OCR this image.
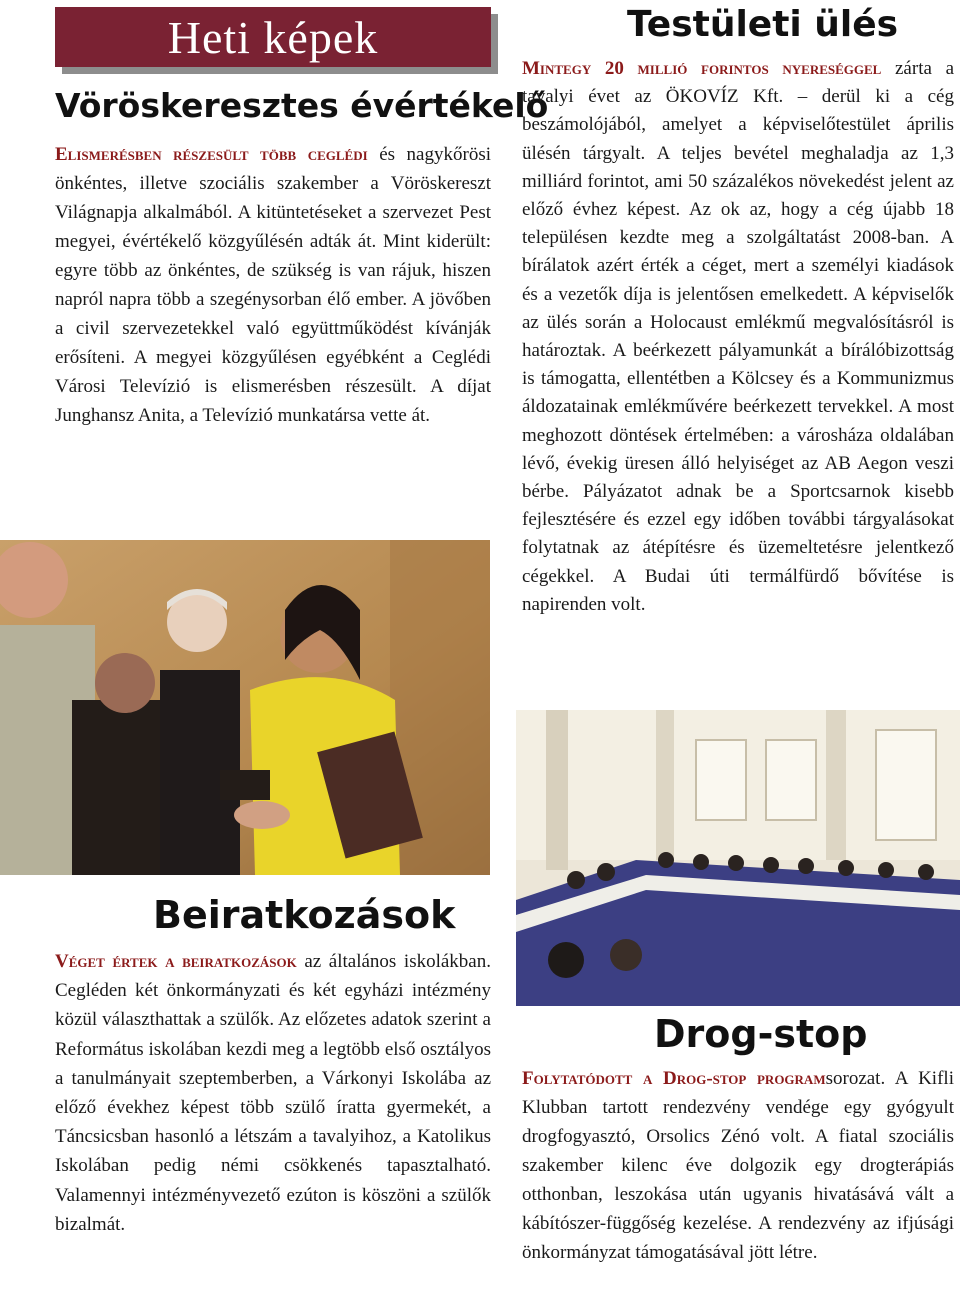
Heti képek
Vöröskeresztes évértékelő

Elismerésben részesült több ceglédi és nagykőrösi önkéntes, illetve szociális szakember a Vöröskereszt Világnapja alkalmából. A kitüntetéseket a szervezet Pest megyei, évértékelő közgyűlésén adták át. Mint kiderült: egyre több az önkéntes, de szükség is van rájuk, hiszen napról napra több a szegénysorban élő ember. A jövőben a civil szervezetekkel való együttműködést kívánják erősíteni. A megyei közgyűlésen egyébként a Ceglédi Városi Televízió is elismerésben részesült. A díjat Junghansz Anita, a Televízió munkatársa vette át.

Testületi ülés

Mintegy 20 millió forintos nyereséggel zárta a tavalyi évet az ÖKOVÍZ Kft. – derül ki a cég beszámolójából, amelyet a képviselőtestület április ülésén tárgyalt. A teljes bevétel meghaladja az 1,3 milliárd forintot, ami 50 százalékos növekedést jelent az előző évhez képest. Az ok az, hogy a cég újabb 18 településen kezdte meg a szolgáltatást 2008-ban. A bírálatok azért érték a céget, mert a személyi kiadások és a vezetők díja is jelentősen emelkedett. A képviselők az ülés során a Holocaust emlékmű megvalósításról is határoztak. A beérkezett pályamunkát a bírálóbizottság is támogatta, ellentétben a Kölcsey és a Kommunizmus áldozatainak emlékművére beérkezett tervekkel. A most meghozott döntések értelmében: a városháza oldalában lévő, évekig üresen álló helyiséget az AB Aegon veszi bérbe. Pályázatot adnak be a Sportcsarnok kisebb fejlesztésére és ezzel egy időben további tárgyalásokat folytatnak az átépítésre és üzemeltetésre jelentkező cégekkel. A Budai úti termálfürdő bővítése is napirenden volt.

Beiratkozások

Véget értek a beiratkozások az általános iskolákban. Cegléden két önkormányzati és két egyházi intézmény közül választhattak a szülők. Az előzetes adatok szerint a Református iskolában kezdi meg a legtöbb első osztályos a tanulmányait szeptemberben, a Várkonyi Iskolába az előző évekhez képest több szülő íratta gyermekét, a Táncsicsban hasonló a létszám a tavalyihoz, a Katolikus Iskolában pedig némi csökkenés tapasztalható. Valamennyi intézményvezető ezúton is köszöni a szülők bizalmát.

Drog-stop

Folytatódott a Drog-stop programsorozat. A Kifli Klubban tartott rendezvény vendége egy gyógyult drogfogyasztó, Orsolics Zénó volt. A fiatal szociális szakember kilenc éve dolgozik egy drogterápiás otthonban, leszokása után ugyanis hivatásává vált a kábítószer-függőség kezelése. A rendezvény az ifjúsági önkormányzat támogatásával jött létre.
